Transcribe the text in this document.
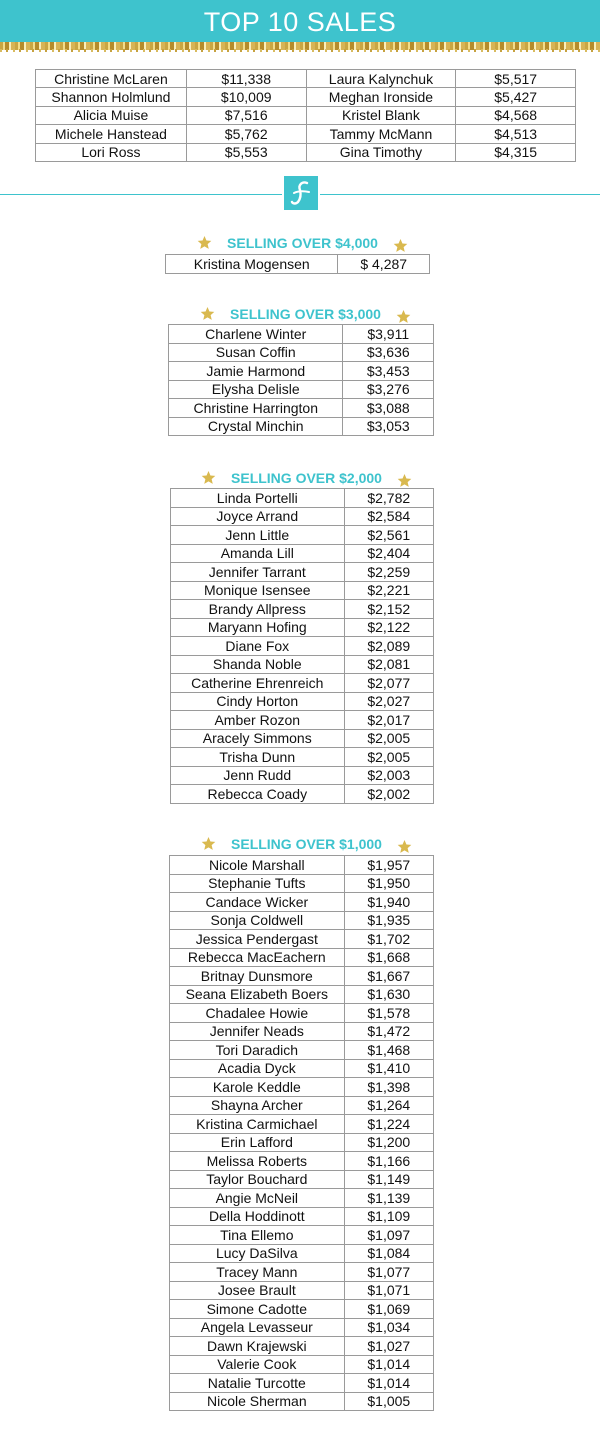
TOP 10 SALES
Christine McLaren	$11,338	Laura Kalynchuk	$5,517
Shannon Holmlund	$10,009	Meghan Ironside	$5,427
Alicia Muise	$7,516	Kristel Blank	$4,568
Michele Hanstead	$5,762	Tammy McMann	$4,513
Lori Ross	$5,553	Gina Timothy	$4,315
SELLING OVER $4,000
Kristina Mogensen	$ 4,287
SELLING OVER $3,000
Charlene Winter	$3,911
Susan Coffin	$3,636
Jamie Harmond	$3,453
Elysha Delisle	$3,276
Christine Harrington	$3,088
Crystal Minchin	$3,053
SELLING OVER $2,000
Linda Portelli	$2,782
Joyce Arrand	$2,584
Jenn Little	$2,561
Amanda Lill	$2,404
Jennifer Tarrant	$2,259
Monique Isensee	$2,221
Brandy Allpress	$2,152
Maryann Hofing	$2,122
Diane Fox	$2,089
Shanda Noble	$2,081
Catherine Ehrenreich	$2,077
Cindy Horton	$2,027
Amber Rozon	$2,017
Aracely Simmons	$2,005
Trisha Dunn	$2,005
Jenn Rudd	$2,003
Rebecca Coady	$2,002
SELLING OVER $1,000
Nicole Marshall	$1,957
Stephanie Tufts	$1,950
Candace Wicker	$1,940
Sonja Coldwell	$1,935
Jessica Pendergast	$1,702
Rebecca MacEachern	$1,668
Britnay Dunsmore	$1,667
Seana Elizabeth Boers	$1,630
Chadalee Howie	$1,578
Jennifer Neads	$1,472
Tori Daradich	$1,468
Acadia Dyck	$1,410
Karole Keddle	$1,398
Shayna Archer	$1,264
Kristina Carmichael	$1,224
Erin Lafford	$1,200
Melissa Roberts	$1,166
Taylor Bouchard	$1,149
Angie McNeil	$1,139
Della Hoddinott	$1,109
Tina Ellemo	$1,097
Lucy DaSilva	$1,084
Tracey Mann	$1,077
Josee Brault	$1,071
Simone Cadotte	$1,069
Angela Levasseur	$1,034
Dawn Krajewski	$1,027
Valerie Cook	$1,014
Natalie Turcotte	$1,014
Nicole Sherman	$1,005
